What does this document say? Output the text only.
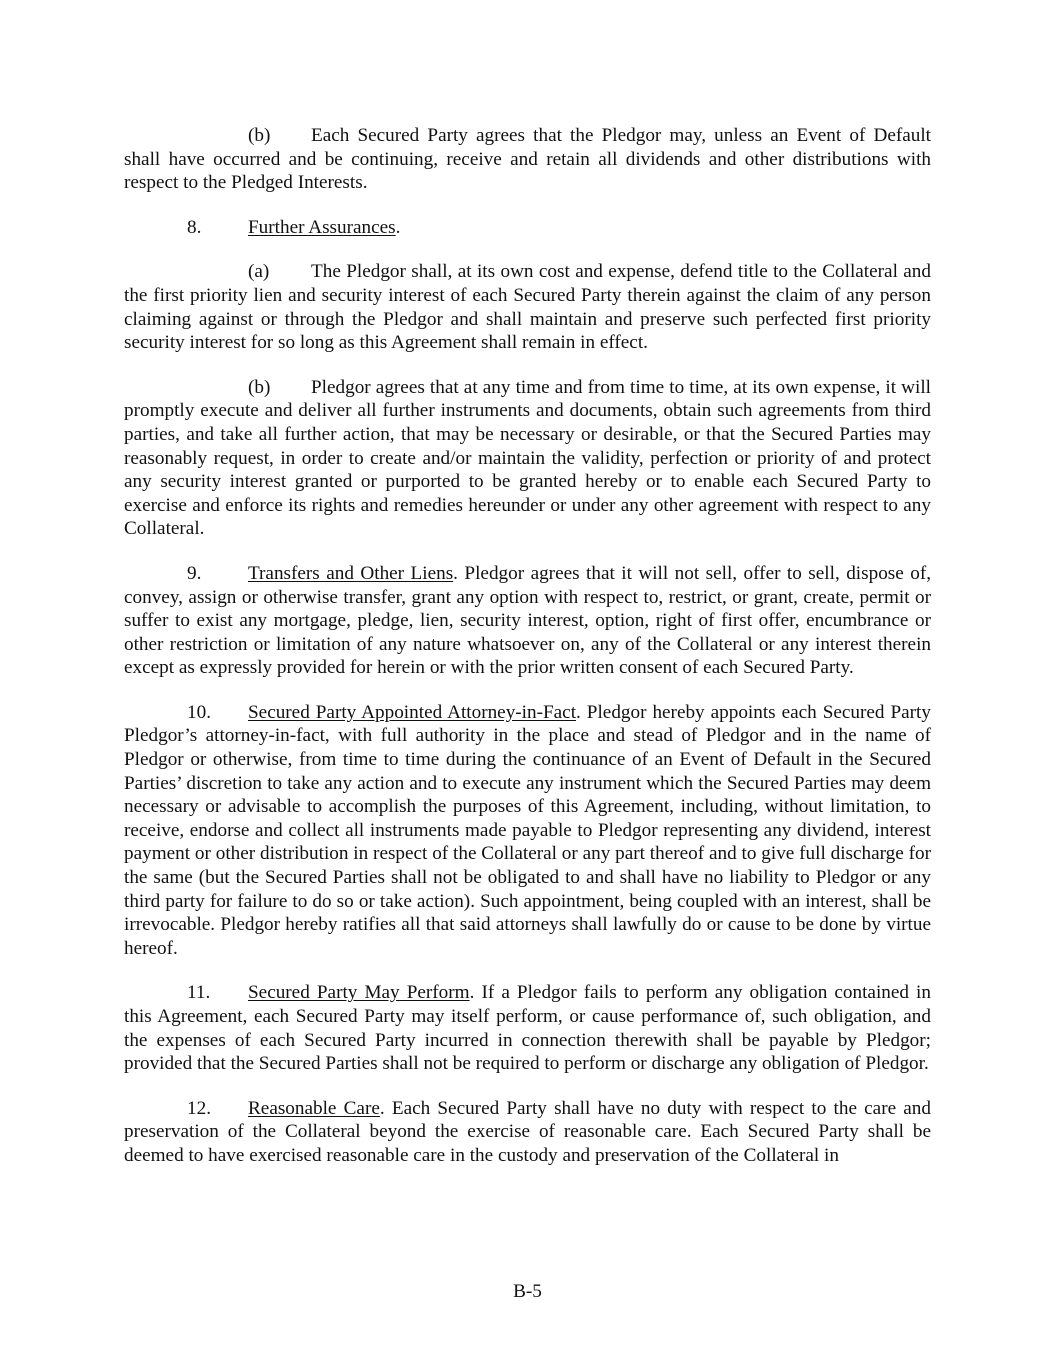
(b) Each Secured Party agrees that the Pledgor may, unless an Event of Default shall have occurred and be continuing, receive and retain all dividends and other distributions with respect to the Pledged Interests.

8. Further Assurances.

(a) The Pledgor shall, at its own cost and expense, defend title to the Collateral and the first priority lien and security interest of each Secured Party therein against the claim of any person claiming against or through the Pledgor and shall maintain and preserve such perfected first priority security interest for so long as this Agreement shall remain in effect.

(b) Pledgor agrees that at any time and from time to time, at its own expense, it will promptly execute and deliver all further instruments and documents, obtain such agreements from third parties, and take all further action, that may be necessary or desirable, or that the Secured Parties may reasonably request, in order to create and/or maintain the validity, perfection or priority of and protect any security interest granted or purported to be granted hereby or to enable each Secured Party to exercise and enforce its rights and remedies hereunder or under any other agreement with respect to any Collateral.

9. Transfers and Other Liens. Pledgor agrees that it will not sell, offer to sell, dispose of, convey, assign or otherwise transfer, grant any option with respect to, restrict, or grant, create, permit or suffer to exist any mortgage, pledge, lien, security interest, option, right of first offer, encumbrance or other restriction or limitation of any nature whatsoever on, any of the Collateral or any interest therein except as expressly provided for herein or with the prior written consent of each Secured Party.

10. Secured Party Appointed Attorney-in-Fact. Pledgor hereby appoints each Secured Party Pledgor’s attorney-in-fact, with full authority in the place and stead of Pledgor and in the name of Pledgor or otherwise, from time to time during the continuance of an Event of Default in the Secured Parties’ discretion to take any action and to execute any instrument which the Secured Parties may deem necessary or advisable to accomplish the purposes of this Agreement, including, without limitation, to receive, endorse and collect all instruments made payable to Pledgor representing any dividend, interest payment or other distribution in respect of the Collateral or any part thereof and to give full discharge for the same (but the Secured Parties shall not be obligated to and shall have no liability to Pledgor or any third party for failure to do so or take action). Such appointment, being coupled with an interest, shall be irrevocable. Pledgor hereby ratifies all that said attorneys shall lawfully do or cause to be done by virtue hereof.

11. Secured Party May Perform. If a Pledgor fails to perform any obligation contained in this Agreement, each Secured Party may itself perform, or cause performance of, such obligation, and the expenses of each Secured Party incurred in connection therewith shall be payable by Pledgor; provided that the Secured Parties shall not be required to perform or discharge any obligation of Pledgor.

12. Reasonable Care. Each Secured Party shall have no duty with respect to the care and preservation of the Collateral beyond the exercise of reasonable care. Each Secured Party shall be deemed to have exercised reasonable care in the custody and preservation of the Collateral in

B-5
